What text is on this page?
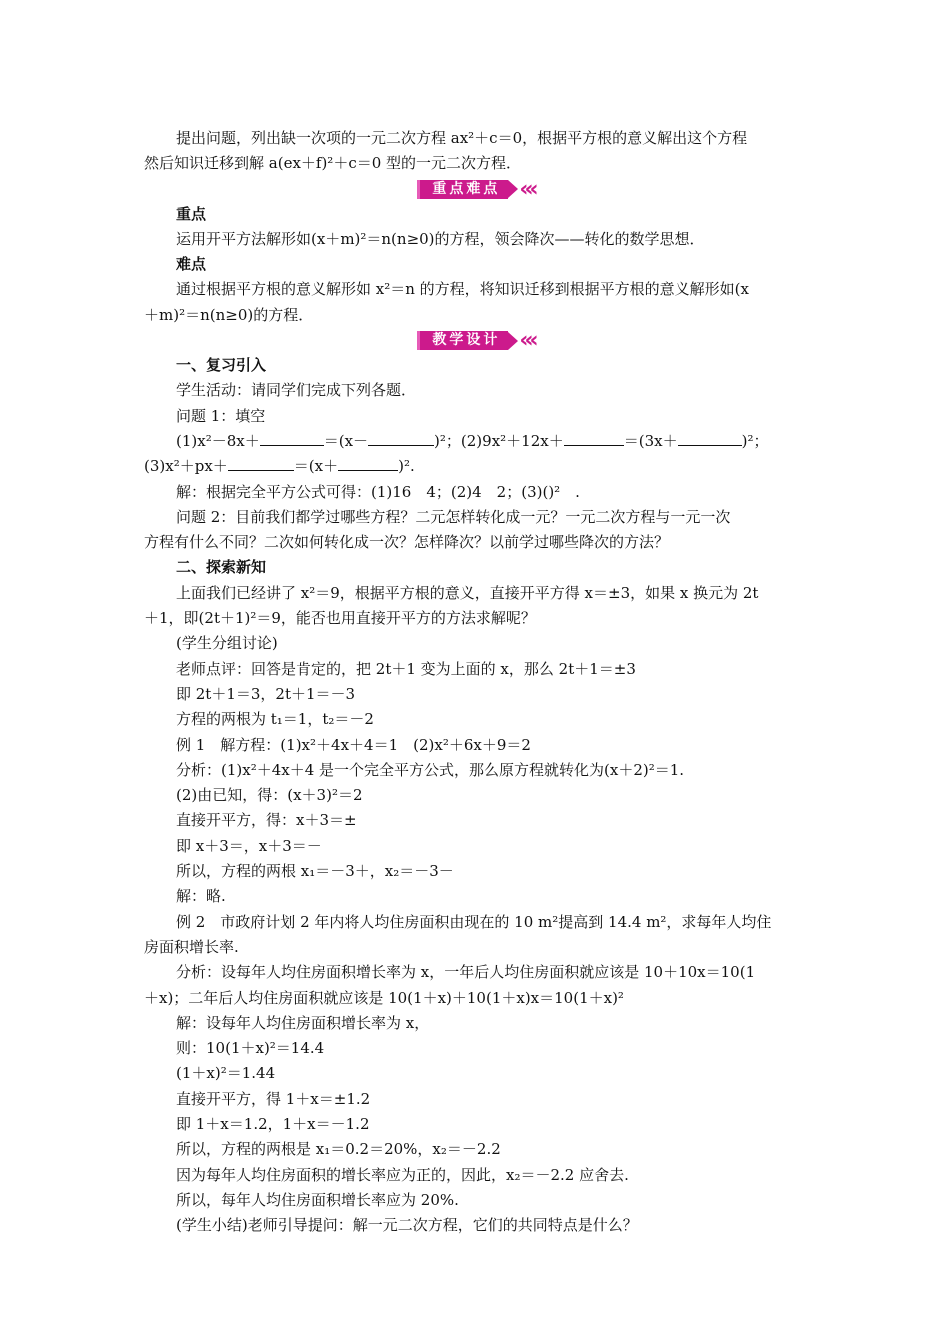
提出问题，列出缺一次项的一元二次方程 ax²＋c＝0，根据平方根的意义解出这个方程

然后知识迁移到解 a(ex＋f)²＋c＝0 型的一元二次方程．

重点难点 ‹‹‹

重点

运用开平方法解形如(x＋m)²＝n(n≥0)的方程，领会降次——转化的数学思想．

难点

通过根据平方根的意义解形如 x²＝n 的方程，将知识迁移到根据平方根的意义解形如(x

＋m)²＝n(n≥0)的方程．

教学设计 ‹‹‹

一、复习引入

学生活动：请同学们完成下列各题．

问题 1：填空

(1)x²－8x＋	＝(x－	)²；(2)9x²＋12x＋	＝(3x＋	)²；

(3)x²＋px＋	＝(x＋	)².

解：根据完全平方公式可得：(1)16　4；(2)4　2；(3)()²　.

问题 2：目前我们都学过哪些方程？二元怎样转化成一元？一元二次方程与一元一次

方程有什么不同？二次如何转化成一次？怎样降次？以前学过哪些降次的方法？

二、探索新知

上面我们已经讲了 x²＝9，根据平方根的意义，直接开平方得 x＝±3，如果 x 换元为 2t

＋1，即(2t＋1)²＝9，能否也用直接开平方的方法求解呢？

(学生分组讨论)

老师点评：回答是肯定的，把 2t＋1 变为上面的 x，那么 2t＋1＝±3

即 2t＋1＝3，2t＋1＝－3

方程的两根为 t₁＝1，t₂＝－2

例 1　解方程：(1)x²＋4x＋4＝1　(2)x²＋6x＋9＝2

分析：(1)x²＋4x＋4 是一个完全平方公式，那么原方程就转化为(x＋2)²＝1.

(2)由已知，得：(x＋3)²＝2

直接开平方，得：x＋3＝±

即 x＋3＝，x＋3＝－

所以，方程的两根 x₁＝－3＋，x₂＝－3－

解：略.

例 2　市政府计划 2 年内将人均住房面积由现在的 10 m²提高到 14.4 m²，求每年人均住

房面积增长率.

分析：设每年人均住房面积增长率为 x，一年后人均住房面积就应该是 10＋10x＝10(1

＋x)；二年后人均住房面积就应该是 10(1＋x)＋10(1＋x)x＝10(1＋x)²

解：设每年人均住房面积增长率为 x，

则：10(1＋x)²＝14.4

(1＋x)²＝1.44

直接开平方，得 1＋x＝±1.2

即 1＋x＝1.2，1＋x＝－1.2

所以，方程的两根是 x₁＝0.2＝20%，x₂＝－2.2

因为每年人均住房面积的增长率应为正的，因此，x₂＝－2.2 应舍去.

所以，每年人均住房面积增长率应为 20%.

(学生小结)老师引导提问：解一元二次方程，它们的共同特点是什么？
